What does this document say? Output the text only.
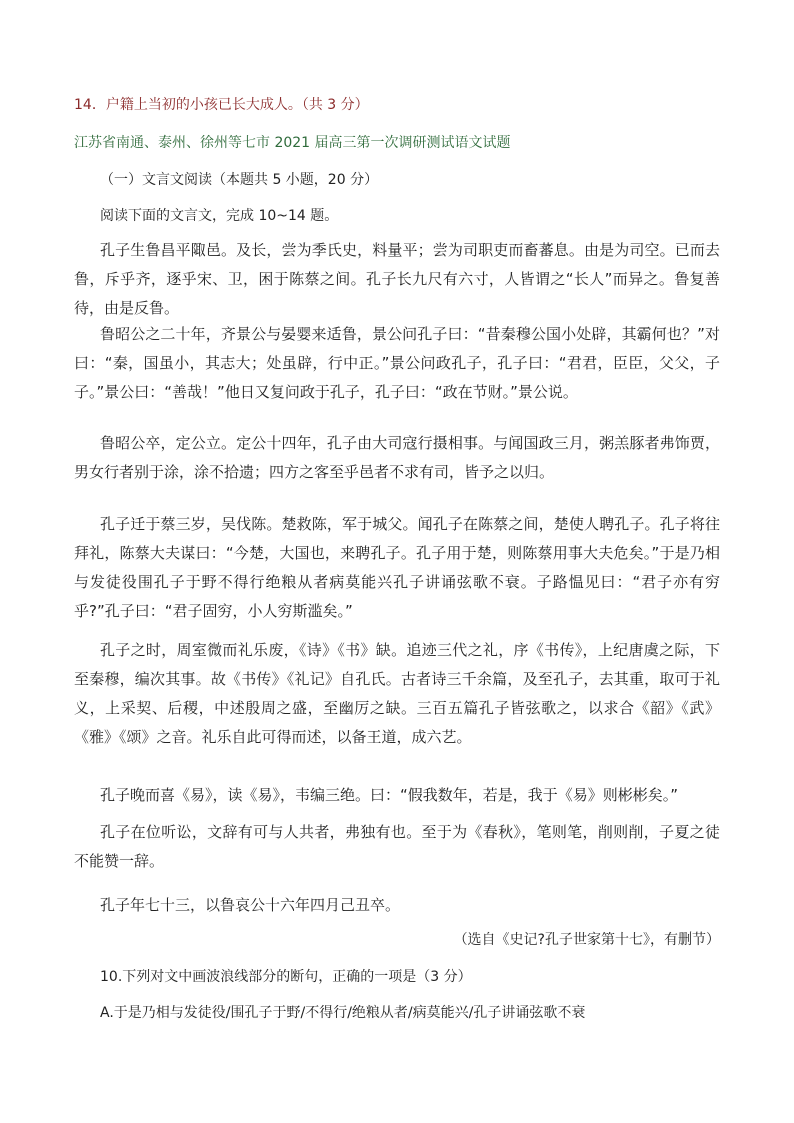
14．户籍上当初的小孩已长大成人。（共 3 分）
江苏省南通、泰州、徐州等七市 2021 届高三第一次调研测试语文试题
（一）文言文阅读（本题共 5 小题，20 分）
阅读下面的文言文，完成 10~14 题。
孔子生鲁昌平陬邑。及长，尝为季氏史，料量平；尝为司职吏而畜蕃息。由是为司空。已而去鲁，斥乎齐，逐乎宋、卫，困于陈蔡之间。孔子长九尺有六寸，人皆谓之“长人”而异之。鲁复善待，由是反鲁。
鲁昭公之二十年，齐景公与晏婴来适鲁，景公问孔子曰：“昔秦穆公国小处辟，其霸何也？”对曰：“秦，国虽小，其志大；处虽辟，行中正。”景公问政孔子，孔子曰：“君君，臣臣，父父，子子。”景公曰：“善哉！”他日又复问政于孔子，孔子曰：“政在节财。”景公说。
鲁昭公卒，定公立。定公十四年，孔子由大司寇行摄相事。与闻国政三月，粥羔豚者弗饰贾，男女行者别于涂，涂不拾遗；四方之客至乎邑者不求有司，皆予之以归。
孔子迁于蔡三岁，吴伐陈。楚救陈，军于城父。闻孔子在陈蔡之间，楚使人聘孔子。孔子将往拜礼，陈蔡大夫谋曰：“今楚，大国也，来聘孔子。孔子用于楚，则陈蔡用事大夫危矣。”于是乃相与发徒役围孔子于野不得行绝粮从者病莫能兴孔子讲诵弦歌不衰。子路愠见曰：“君子亦有穷乎?”孔子曰：“君子固穷，小人穷斯滥矣。”
孔子之时，周室微而礼乐废，《诗》《书》缺。追迹三代之礼，序《书传》，上纪唐虞之际，下至秦穆，编次其事。故《书传》《礼记》自孔氏。古者诗三千余篇，及至孔子，去其重，取可于礼义，上采契、后稷，中述殷周之盛，至幽厉之缺。三百五篇孔子皆弦歌之，以求合《韶》《武》《雅》《颂》之音。礼乐自此可得而述，以备王道，成六艺。
孔子晚而喜《易》，读《易》，韦编三绝。曰：“假我数年，若是，我于《易》则彬彬矣。”
孔子在位听讼，文辞有可与人共者，弗独有也。至于为《春秋》，笔则笔，削则削，子夏之徒不能赞一辞。
孔子年七十三，以鲁哀公十六年四月己丑卒。
（选自《史记?孔子世家第十七》，有删节）
10.下列对文中画波浪线部分的断句，正确的一项是（3 分）
A.于是乃相与发徒役/围孔子于野/不得行/绝粮从者/病莫能兴/孔子讲诵弦歌不衰
